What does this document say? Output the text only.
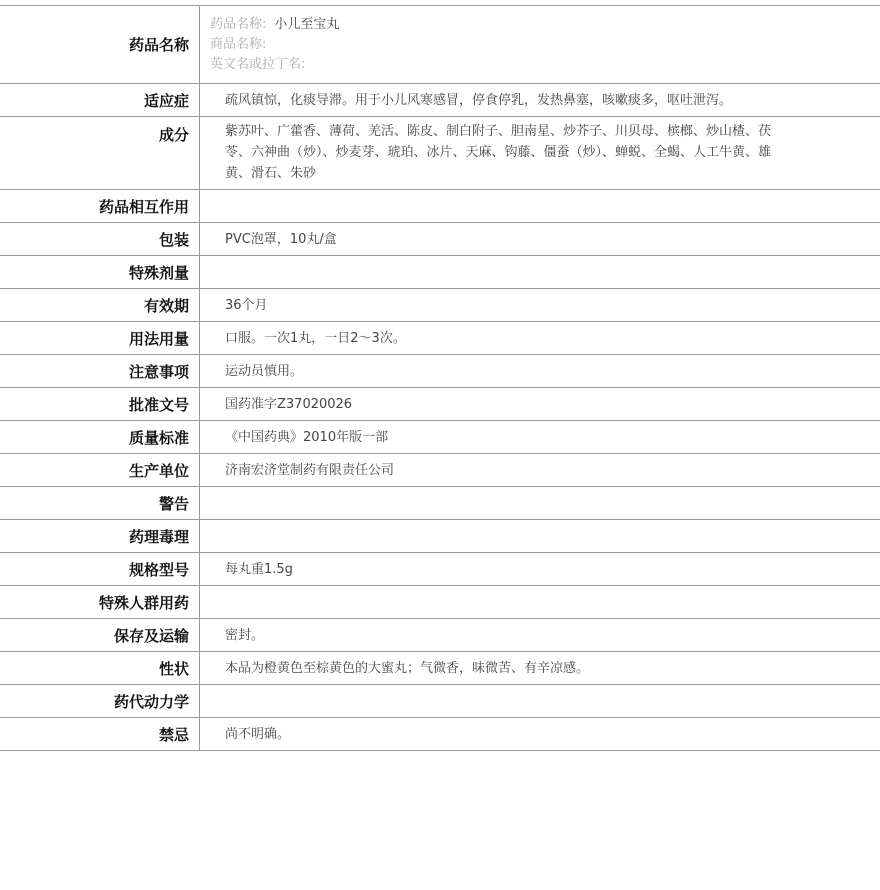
药品名称
药品名称: 小儿至宝丸
商品名称:
英文名或拉丁名:
适应症	疏风镇惊，化痰导滞。用于小儿风寒感冒，停食停乳，发热鼻塞，咳嗽痰多，呕吐泄泻。
成分	紫苏叶、广藿香、薄荷、羌活、陈皮、制白附子、胆南星、炒芥子、川贝母、槟榔、炒山楂、茯苓、六神曲（炒）、炒麦芽、琥珀、冰片、天麻、钩藤、僵蚕（炒）、蝉蜕、全蝎、人工牛黄、雄黄、滑石、朱砂
药品相互作用
包装	PVC泡罩，10丸/盒
特殊剂量
有效期	36个月
用法用量	口服。一次1丸，一日2～3次。
注意事项	运动员慎用。
批准文号	国药准字Z37020026
质量标准	《中国药典》2010年版一部
生产单位	济南宏济堂制药有限责任公司
警告
药理毒理
规格型号	每丸重1.5g
特殊人群用药
保存及运输	密封。
性状	本品为橙黄色至棕黄色的大蜜丸；气微香，味微苦、有辛凉感。
药代动力学
禁忌	尚不明确。
